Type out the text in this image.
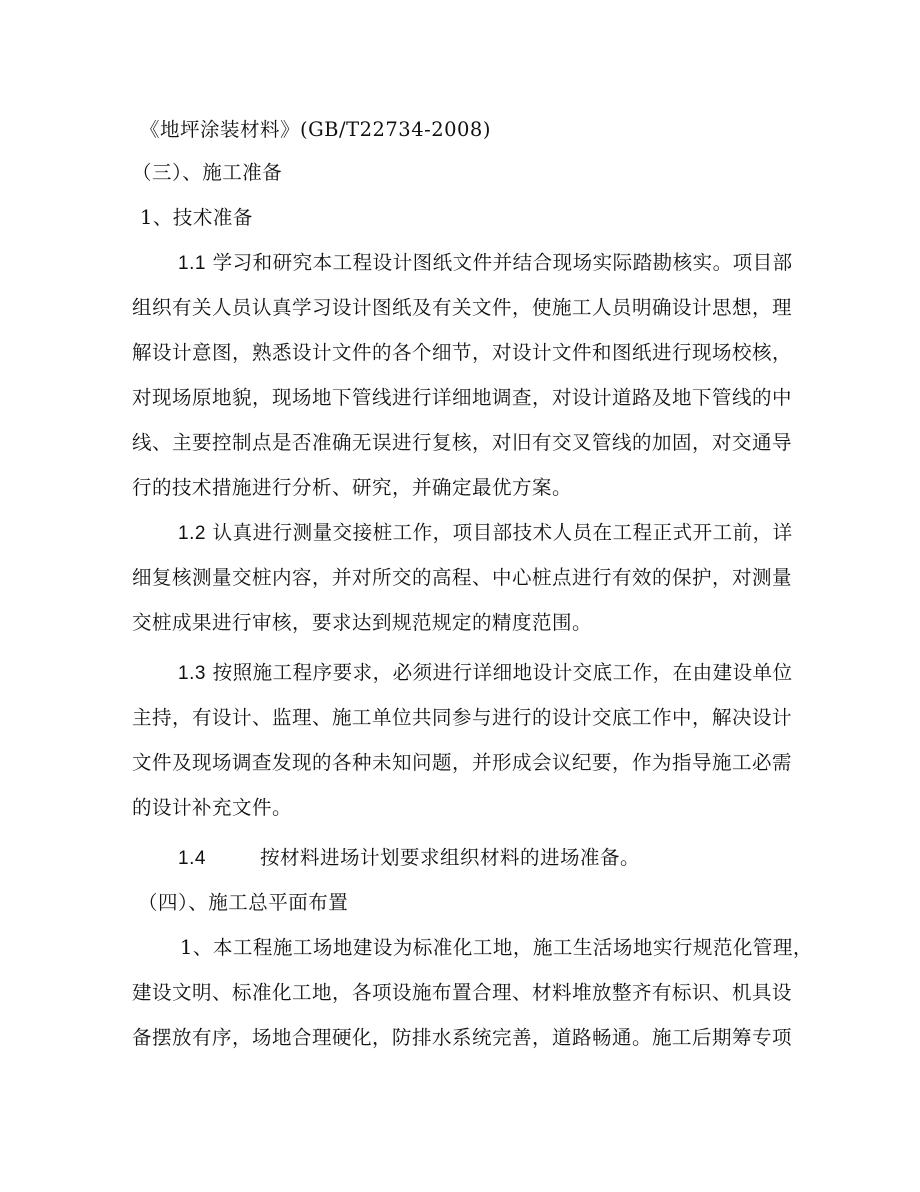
《地坪涂装材料》(GB/T22734-2008)
（三）、施工准备
1、技术准备
1.1 学习和研究本工程设计图纸文件并结合现场实际踏勘核实。项目部
组织有关人员认真学习设计图纸及有关文件，使施工人员明确设计思想，理
解设计意图，熟悉设计文件的各个细节，对设计文件和图纸进行现场校核，
对现场原地貌，现场地下管线进行详细地调查，对设计道路及地下管线的中
线、主要控制点是否准确无误进行复核，对旧有交叉管线的加固，对交通导
行的技术措施进行分析、研究，并确定最优方案。
1.2 认真进行测量交接桩工作，项目部技术人员在工程正式开工前，详
细复核测量交桩内容，并对所交的高程、中心桩点进行有效的保护，对测量
交桩成果进行审核，要求达到规范规定的精度范围。
1.3 按照施工程序要求，必须进行详细地设计交底工作，在由建设单位
主持，有设计、监理、施工单位共同参与进行的设计交底工作中，解决设计
文件及现场调查发现的各种未知问题，并形成会议纪要，作为指导施工必需
的设计补充文件。
1.4	按材料进场计划要求组织材料的进场准备。
（四）、施工总平面布置
1、本工程施工场地建设为标准化工地，施工生活场地实行规范化管理，
建设文明、标准化工地，各项设施布置合理、材料堆放整齐有标识、机具设
备摆放有序，场地合理硬化，防排水系统完善，道路畅通。施工后期筹专项
